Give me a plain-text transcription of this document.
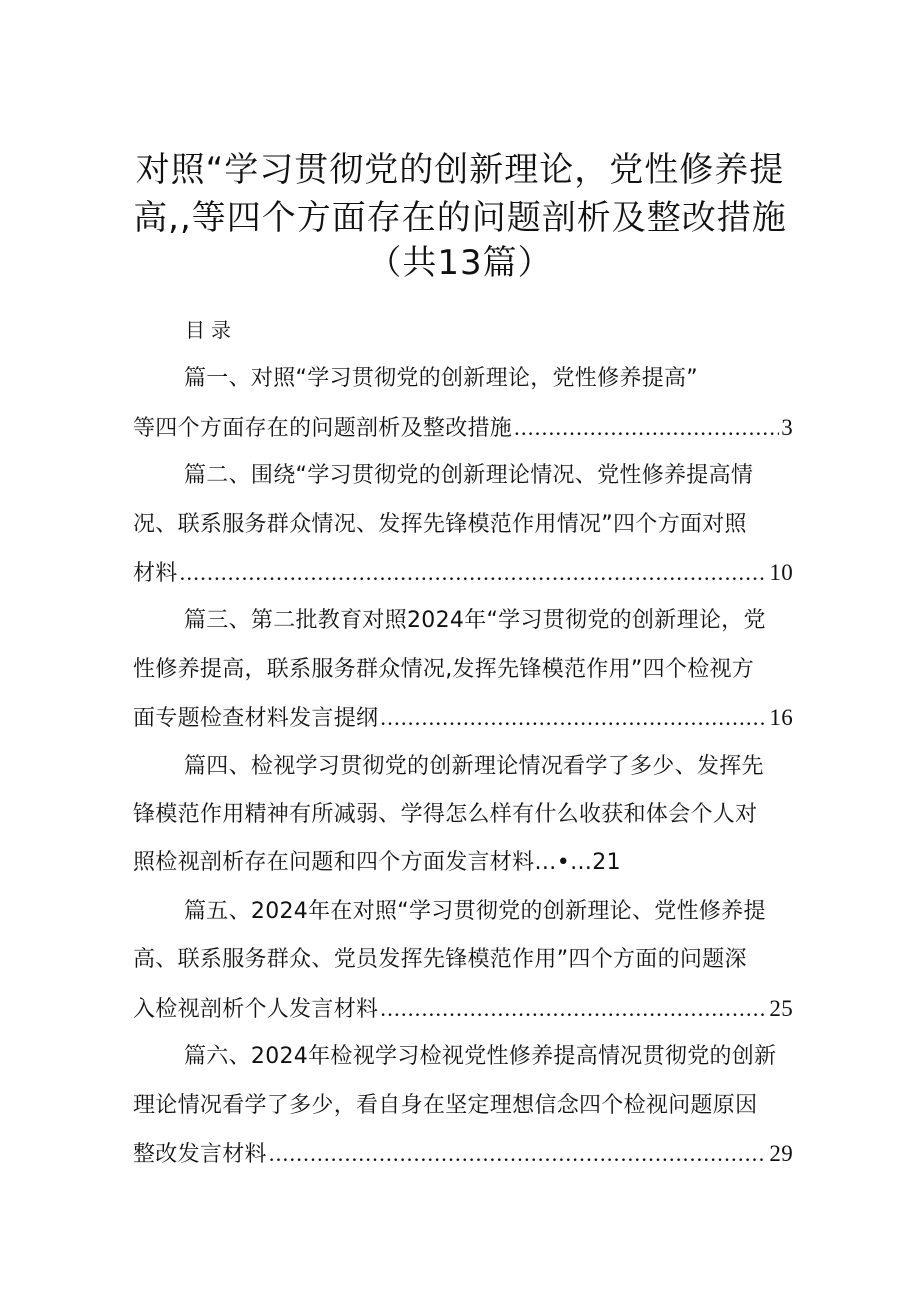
对照“学习贯彻党的创新理论，党性修养提
高,,等四个方面存在的问题剖析及整改措施
（共13篇）
目录
篇一、对照“学习贯彻党的创新理论，党性修养提高”
等四个方面存在的问题剖析及整改措施 .....	3
篇二、围绕“学习贯彻党的创新理论情况、党性修养提高情
况、联系服务群众情况、发挥先锋模范作用情况”四个方面对照
材料 .....	10
篇三、第二批教育对照2024年“学习贯彻党的创新理论，党
性修养提高，联系服务群众情况,发挥先锋模范作用”四个检视方
面专题检查材料发言提纲 .....	16
篇四、检视学习贯彻党的创新理论情况看学了多少、发挥先
锋模范作用精神有所减弱、学得怎么样有什么收获和体会个人对
照检视剖析存在问题和四个方面发言材料…•…21
篇五、2024年在对照“学习贯彻党的创新理论、党性修养提
高、联系服务群众、党员发挥先锋模范作用”四个方面的问题深
入检视剖析个人发言材料 .....	25
篇六、2024年检视学习检视党性修养提高情况贯彻党的创新
理论情况看学了多少，看自身在坚定理想信念四个检视问题原因
整改发言材料 .....	29
